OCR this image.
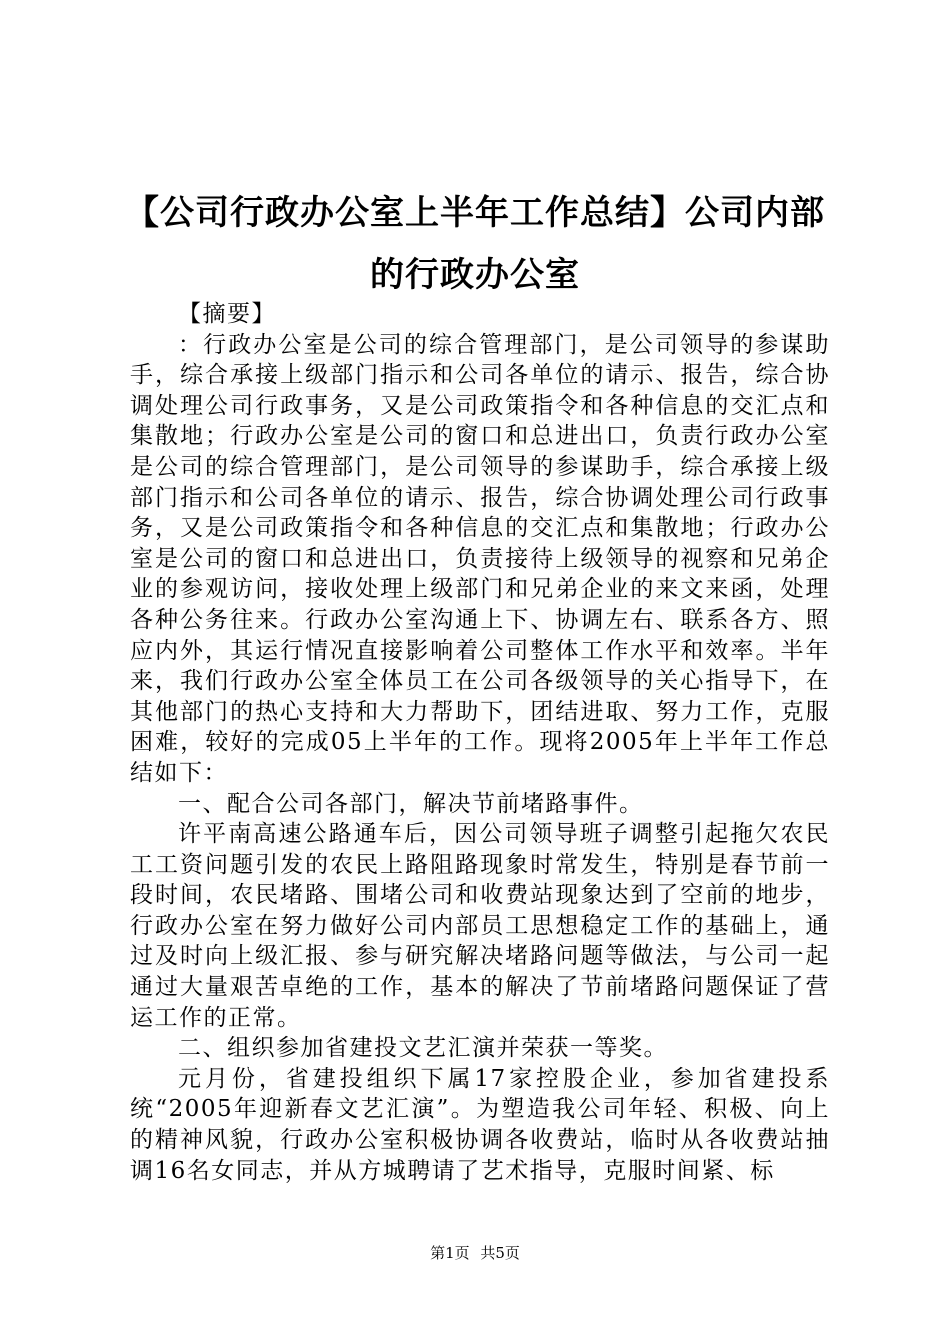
【公司行政办公室上半年工作总结】公司内部
的行政办公室

【摘要】

：行政办公室是公司的综合管理部门，是公司领导的参谋助手，综合承接上级部门指示和公司各单位的请示、报告，综合协调处理公司行政事务，又是公司政策指令和各种信息的交汇点和集散地；行政办公室是公司的窗口和总进出口，负责行政办公室是公司的综合管理部门，是公司领导的参谋助手，综合承接上级部门指示和公司各单位的请示、报告，综合协调处理公司行政事务，又是公司政策指令和各种信息的交汇点和集散地；行政办公室是公司的窗口和总进出口，负责接待上级领导的视察和兄弟企业的参观访问，接收处理上级部门和兄弟企业的来文来函，处理各种公务往来。行政办公室沟通上下、协调左右、联系各方、照应内外，其运行情况直接影响着公司整体工作水平和效率。半年来，我们行政办公室全体员工在公司各级领导的关心指导下，在其他部门的热心支持和大力帮助下，团结进取、努力工作，克服困难，较好的完成05上半年的工作。现将2005年上半年工作总结如下：

一、配合公司各部门，解决节前堵路事件。

许平南高速公路通车后，因公司领导班子调整引起拖欠农民工工资问题引发的农民上路阻路现象时常发生，特别是春节前一段时间，农民堵路、围堵公司和收费站现象达到了空前的地步，行政办公室在努力做好公司内部员工思想稳定工作的基础上，通过及时向上级汇报、参与研究解决堵路问题等做法，与公司一起通过大量艰苦卓绝的工作，基本的解决了节前堵路问题保证了营运工作的正常。

二、组织参加省建投文艺汇演并荣获一等奖。

元月份，省建投组织下属17家控股企业，参加省建投系统“2005年迎新春文艺汇演”。为塑造我公司年轻、积极、向上的精神风貌，行政办公室积极协调各收费站，临时从各收费站抽调16名女同志，并从方城聘请了艺术指导，克服时间紧、标

第1页 共5页
